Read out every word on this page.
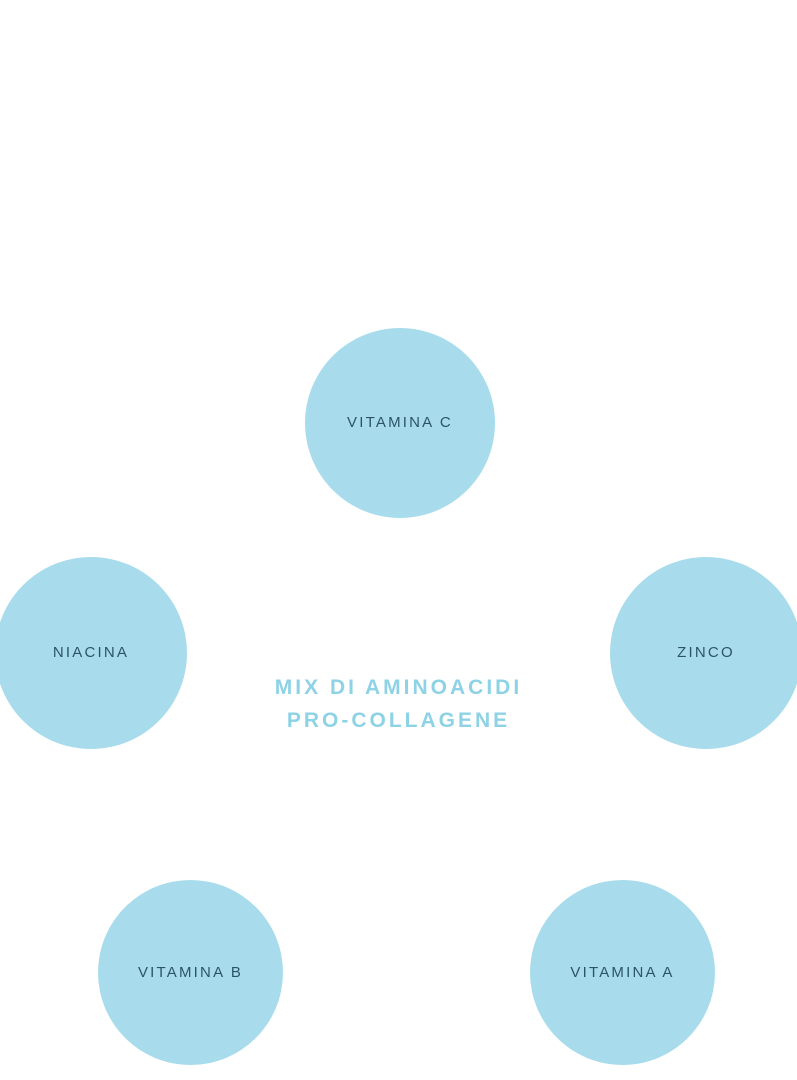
VITAMINA C
NIACINA	ZINCO
VITAMINA B	VITAMINA A
MIX DI AMINOACIDI
PRO-COLLAGENE
